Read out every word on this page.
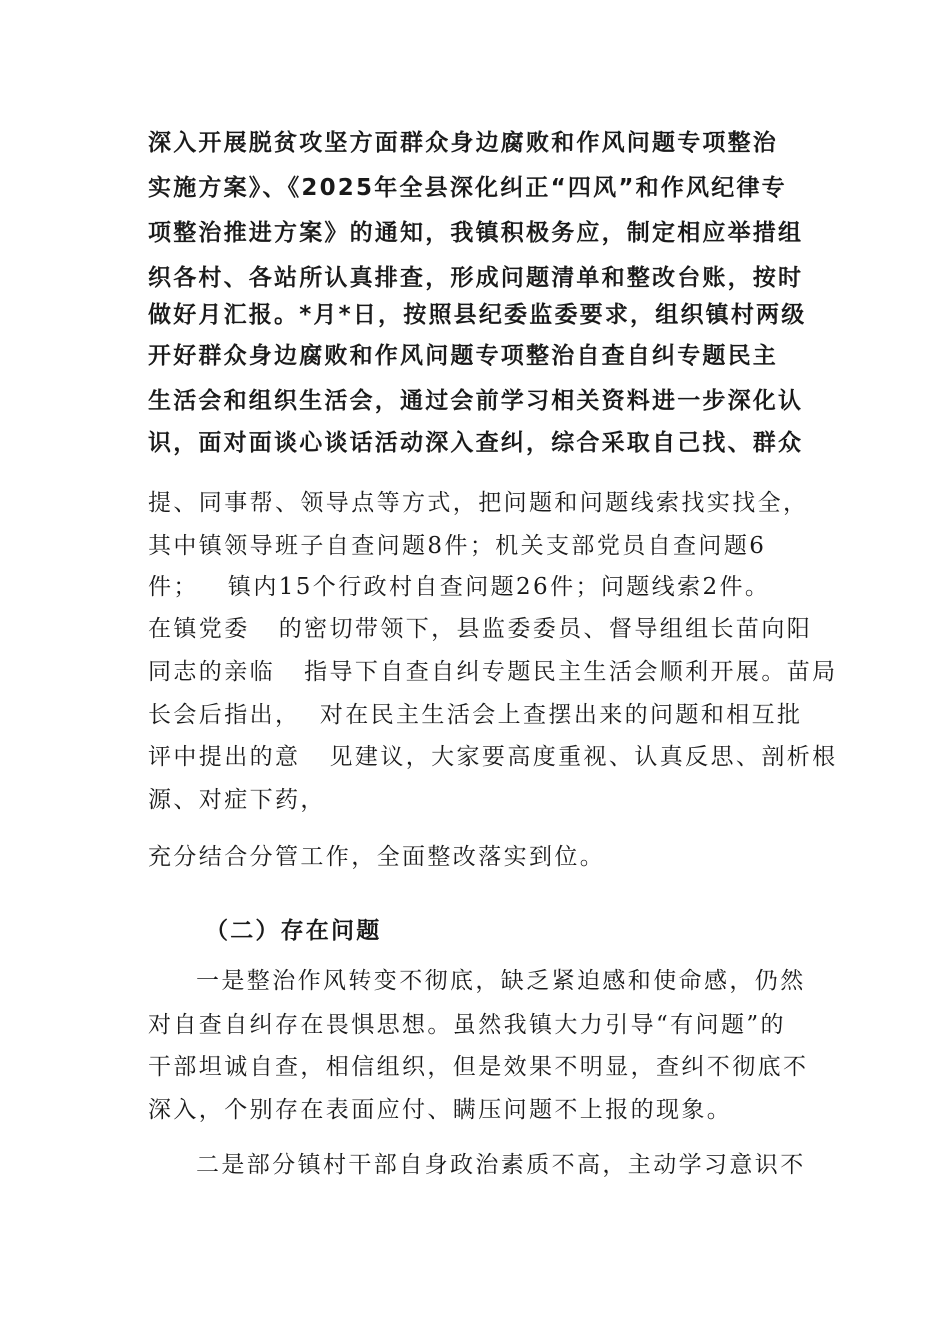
深入开展脱贫攻坚方面群众身边腐败和作风问题专项整治
实施方案》、《2025年全县深化纠正“四风”和作风纪律专
项整治推进方案》的通知，我镇积极务应，制定相应举措组
织各村、各站所认真排查，形成问题清单和整改台账，按时
做好月汇报。*月*日，按照县纪委监委要求，组织镇村两级
开好群众身边腐败和作风问题专项整治自查自纠专题民主
生活会和组织生活会，通过会前学习相关资料进一步深化认
识，面对面谈心谈话活动深入查纠，综合采取自己找、群众
提、同事帮、领导点等方式，把问题和问题线索找实找全，
其中镇领导班子自查问题8件；机关支部党员自查问题6
件；   镇内15个行政村自查问题26件；问题线索2件。
在镇党委   的密切带领下，县监委委员、督导组组长苗向阳
同志的亲临   指导下自查自纠专题民主生活会顺利开展。苗局
长会后指出，  对在民主生活会上查摆出来的问题和相互批
评中提出的意   见建议，大家要高度重视、认真反思、剖析根
源、对症下药，
充分结合分管工作，全面整改落实到位。
（二）存在问题
一是整治作风转变不彻底，缺乏紧迫感和使命感，仍然
对自查自纠存在畏惧思想。虽然我镇大力引导“有问题”的
干部坦诚自查，相信组织，但是效果不明显，查纠不彻底不
深入，个别存在表面应付、瞒压问题不上报的现象。
二是部分镇村干部自身政治素质不高，主动学习意识不
